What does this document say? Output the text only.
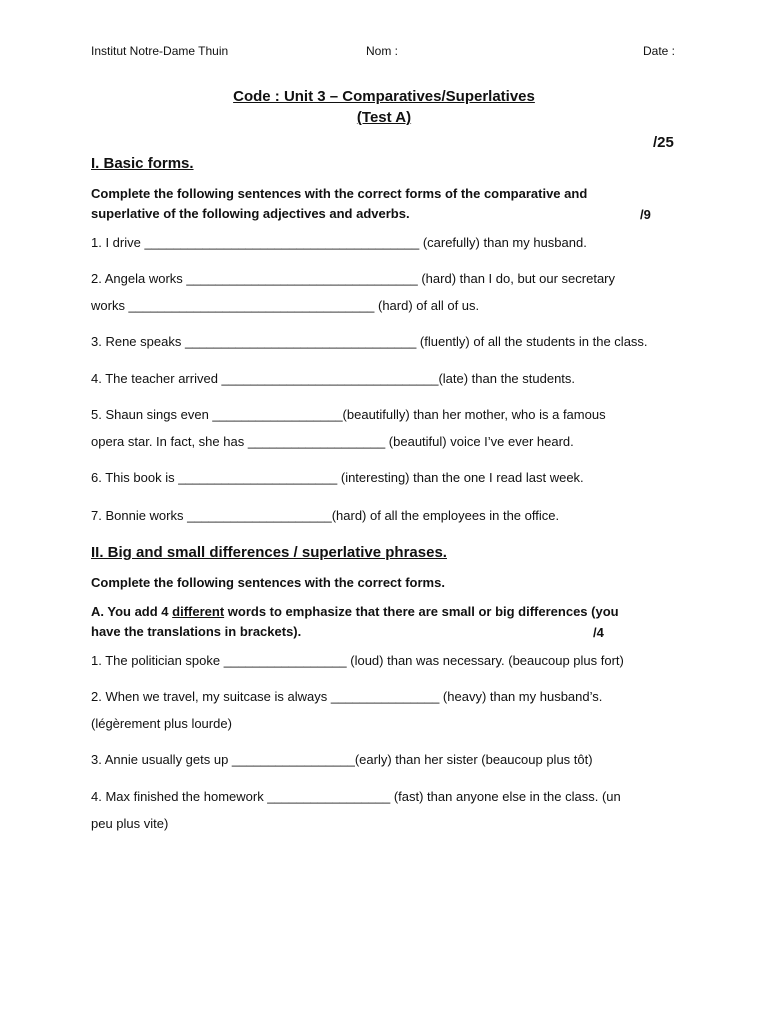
Institut Notre-Dame Thuin	Nom :	Date :
Code : Unit 3 – Comparatives/Superlatives
(Test A)
/25
I. Basic forms.
Complete the following sentences with the correct forms of the comparative and
superlative of the following adjectives and adverbs.	/9
1. I drive ______________________________________ (carefully) than my husband.
2. Angela works ________________________________ (hard) than I do, but our secretary
works __________________________________ (hard) of all of us.
3. Rene speaks ________________________________ (fluently) of all the students in the class.
4. The teacher arrived ______________________________(late) than the students.
5. Shaun sings even __________________(beautifully) than her mother, who is a famous
opera star. In fact, she has ___________________ (beautiful) voice I’ve ever heard.
6. This book is ______________________ (interesting) than the one I read last week.
7. Bonnie works ____________________(hard) of all the employees in the office.
II. Big and small differences / superlative phrases.
Complete the following sentences with the correct forms.
A. You add 4 different words to emphasize that there are small or big differences (you
have the translations in brackets).	/4
1. The politician spoke _________________ (loud) than was necessary. (beaucoup plus fort)
2. When we travel, my suitcase is always _______________ (heavy) than my husband’s.
(légèrement plus lourde)
3. Annie usually gets up _________________(early) than her sister (beaucoup plus tôt)
4. Max finished the homework _________________ (fast) than anyone else in the class. (un
peu plus vite)
